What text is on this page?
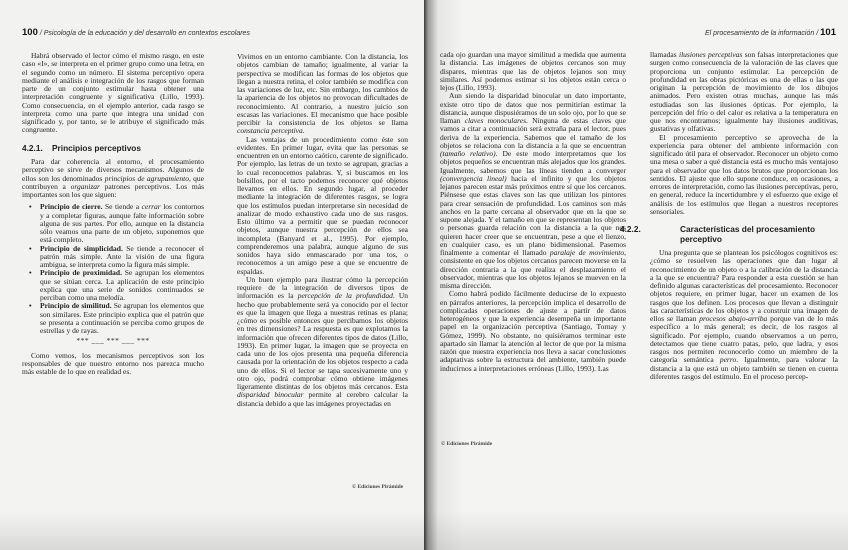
100 / Psicología de la educación y del desarrollo en contextos escolares

Habrá observado el lector cómo el mismo rasgo, en este caso «I», se interpreta en el primer grupo como una letra, en el segundo como un número. El sistema perceptivo opera mediante el análisis e integración de los rasgos que forman parte de un conjunto estimular hasta obtener una interpretación congruente y significativa (Lillo, 1993). Como consecuencia, en el ejemplo anterior, cada rasgo se interpreta como una parte que integra una unidad con significado y, por tanto, se le atribuye el significado más congruente.

4.2.1. Principios perceptivos

Para dar coherencia al entorno, el procesamiento perceptivo se sirve de diversos mecanismos. Algunos de ellos son los denominados principios de agrupamiento, que contribuyen a organizar patrones perceptivos. Los más importantes son los que siguen:

• Principio de cierre. Se tiende a cerrar los contornos y a completar figuras, aunque falte información sobre alguna de sus partes. Por ello, aunque en la distancia sólo veamos una parte de un objeto, suponemos que está completo.
• Principio de simplicidad. Se tiende a reconocer el patrón más simple. Ante la visión de una figura ambigua, se interpreta como la figura más simple.
• Principio de proximidad. Se agrupan los elementos que se sitúan cerca. La aplicación de este principio explica que una serie de sonidos continuados se perciban como una melodía.
• Principio de similitud. Se agrupan los elementos que son similares. Este principio explica que el patrón que se presenta a continuación se perciba como grupos de estrellas y de rayas.
*** ___ *** ___ ***

Como vemos, los mecanismos perceptivos son los responsables de que nuestro entorno nos parezca mucho más estable de lo que en realidad es.

Vivimos en un entorno cambiante. Con la distancia, los objetos cambian de tamaño; igualmente, al variar la perspectiva se modifican las formas de los objetos que llegan a nuestra retina, el color también se modifica con las variaciones de luz, etc. Sin embargo, los cambios de la apariencia de los objetos no provocan dificultades de reconocimiento. Al contrario, a nuestro juicio son escasas las variaciones. El mecanismo que hace posible percibir la consistencia de los objetos se llama constancia perceptiva.

Las ventajas de un procedimiento como éste son evidentes. En primer lugar, evita que las personas se encuentren en un entorno caótico, carente de significado. Por ejemplo, las letras de un texto se agrupan, gracias a lo cual reconocemos palabras. Y, si buscamos en los bolsillos, por el tacto podemos reconocer qué objetos llevamos en ellos. En segundo lugar, al proceder mediante la integración de diferentes rasgos, se logra que los estímulos puedan interpretarse sin necesidad de analizar de modo exhaustivo cada uno de sus rasgos. Esto último va a permitir que se puedan reconocer objetos, aunque nuestra percepción de ellos sea incompleta (Banyard et al., 1995). Por ejemplo, comprenderemos una palabra, aunque alguno de sus sonidos haya sido enmascarado por una tos, o reconocemos a un amigo pese a que se encuentre de espaldas.

Un buen ejemplo para ilustrar cómo la percepción requiere de la integración de diversos tipos de información es la percepción de la profundidad. Un hecho que probablemente será ya conocido por el lector es que la imagen que llega a nuestras retinas es plana; ¿cómo es posible entonces que percibamos los objetos en tres dimensiones? La respuesta es que explotamos la información que ofrecen diferentes tipos de datos (Lillo, 1993). En primer lugar, la imagen que se proyecta en cada uno de los ojos presenta una pequeña diferencia causada por la orientación de los objetos respecto a cada uno de ellos. Si el lector se tapa sucesivamente uno y otro ojo, podrá comprobar cómo obtiene imágenes ligeramente distintas de los objetos más cercanos. Esta disparidad binocular permite al cerebro calcular la distancia debido a que las imágenes proyectadas en

© Ediciones Pirámide
El procesamiento de la información / 101

cada ojo guardan una mayor similitud a medida que aumenta la distancia. Las imágenes de objetos cercanos son muy dispares, mientras que las de objetos lejanos son muy similares. Así podemos estimar si los objetos están cerca o lejos (Lillo, 1993).

Aun siendo la disparidad binocular un dato importante, existe otro tipo de datos que nos permitirían estimar la distancia, aunque dispusiéramos de un solo ojo, por lo que se llaman claves monoculares. Ninguna de estas claves que vamos a citar a continuación será extraña para el lector, pues deriva de la experiencia. Sabemos que el tamaño de los objetos se relaciona con la distancia a la que se encuentran (tamaño relativo). De este modo interpretamos que los objetos pequeños se encuentran más alejados que los grandes. Igualmente, sabemos que las líneas tienden a converger (convergencia lineal) hacia el infinito y que los objetos lejanos parecen estar más próximos entre sí que los cercanos. Piénsese que estas claves son las que utilizan los pintores para crear sensación de profundidad. Los caminos son más anchos en la parte cercana al observador que en la que se supone alejada. Y el tamaño en que se representan los objetos o personas guarda relación con la distancia a la que nos quieren hacer creer que se encuentran, pese a que el lienzo, en cualquier caso, es un plano bidimensional. Pasemos finalmente a comentar el llamado paralaje de movimiento, consistente en que los objetos cercanos parecen moverse en la dirección contraria a la que realiza el desplazamiento el observador, mientras que los objetos lejanos se mueven en la misma dirección.

Como habrá podido fácilmente deducirse de lo expuesto en párrafos anteriores, la percepción implica el desarrollo de complicadas operaciones de ajuste a partir de datos heterogéneos y que la experiencia desempeña un importante papel en la organización perceptiva (Santiago, Tornay y Gómez, 1999). No obstante, no quisiéramos terminar este apartado sin llamar la atención al lector de que por la misma razón que nuestra experiencia nos lleva a sacar conclusiones adaptativas sobre la estructura del ambiente, también puede inducirnos a interpretaciones erróneas (Lillo, 1993). Las

llamadas ilusiones perceptivas son falsas interpretaciones que surgen como consecuencia de la valoración de las claves que proporciona un conjunto estimular. La percepción de profundidad en las obras pictóricas es una de ellas o las que originan la percepción de movimiento de los dibujos animados. Pero existen otras muchas, aunque las más estudiadas son las ilusiones ópticas. Por ejemplo, la percepción del frío o del calor es relativa a la temperatura en que nos encontramos; igualmente hay ilusiones auditivas, gustativas y olfativas.

El procesamiento perceptivo se aprovecha de la experiencia para obtener del ambiente información con significado útil para el observador. Reconocer un objeto como una mesa o saber a qué distancia está es mucho más ventajoso para el observador que los datos brutos que proporcionan los sentidos. El ajuste que ello supone conduce, en ocasiones, a errores de interpretación, como las ilusiones perceptivas, pero, en general, reduce la incertidumbre y el esfuerzo que exige el análisis de los estímulos que llegan a nuestros receptores sensoriales.

4.2.2.	Características del procesamiento perceptivo

Una pregunta que se plantean los psicólogos cognitivos es: ¿cómo se resuelven las operaciones que dan lugar al reconocimiento de un objeto o a la calibración de la distancia a la que se encuentra? Para responder a esta cuestión se han definido algunas características del procesamiento. Reconocer objetos requiere, en primer lugar, hacer un examen de los rasgos que los definen. Los procesos que llevan a distinguir las características de los objetos y a construir una imagen de ellos se llaman procesos abajo-arriba porque van de lo más específico a lo más general; es decir, de los rasgos al significado. Por ejemplo, cuando observamos a un perro, detectamos que tiene cuatro patas, pelo, que ladra, y esos rasgos nos permiten reconocerlo como un miembro de la categoría semántica perro. Igualmente, para valorar la distancia a la que está un objeto también se tienen en cuenta diferentes rasgos del estímulo. En el proceso percep-

© Ediciones Pirámide
